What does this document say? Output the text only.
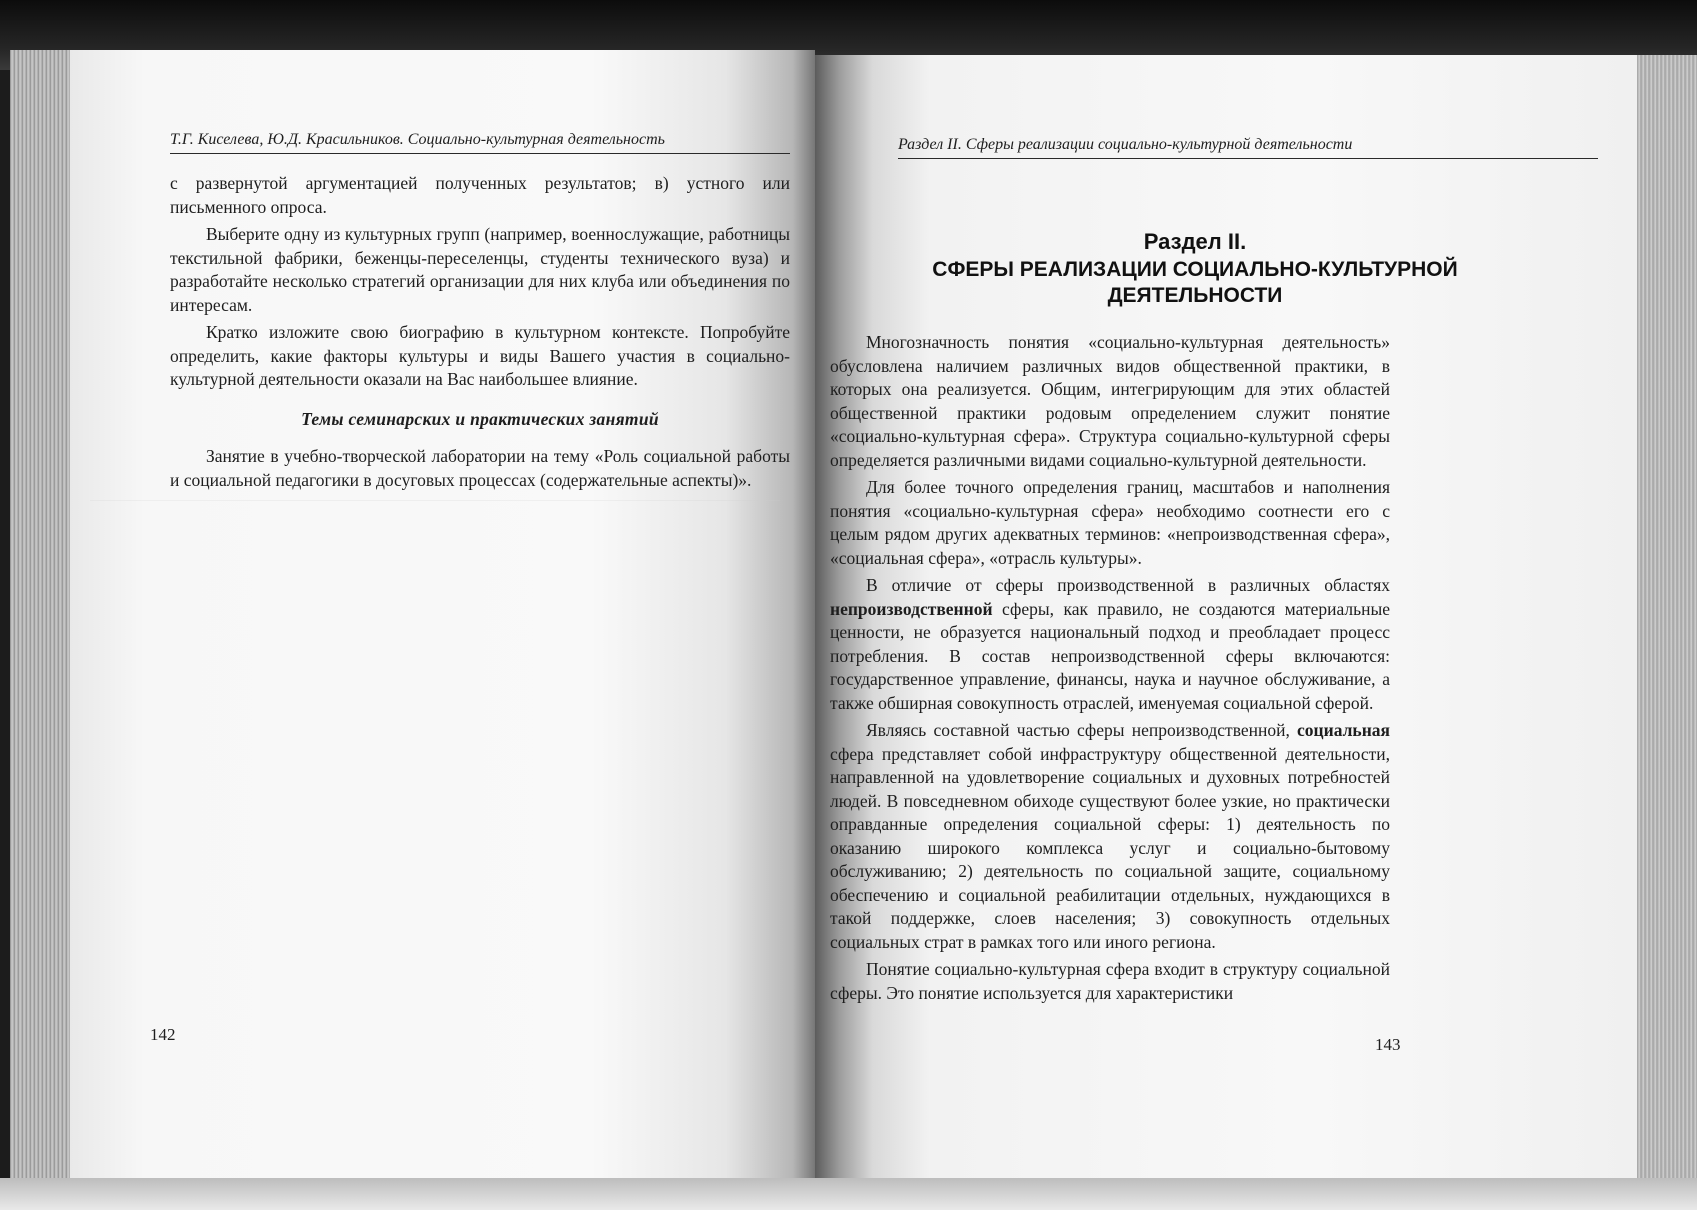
Т.Г. Киселева, Ю.Д. Красильников. Социально-культурная деятельность

с развернутой аргументацией полученных результатов; в) устного или письменного опроса.

Выберите одну из культурных групп (например, военнослужащие, работницы текстильной фабрики, беженцы-переселенцы, студенты технического вуза) и разработайте несколько стратегий организации для них клуба или объединения по интересам.

Кратко изложите свою биографию в культурном контексте. Попробуйте определить, какие факторы культуры и виды Вашего участия в социально-культурной деятельности оказали на Вас наибольшее влияние.

Темы семинарских и практических занятий

Занятие в учебно-творческой лаборатории на тему «Роль социальной работы и социальной педагогики в досуговых процессах (содержательные аспекты)».

142
Раздел II. Сферы реализации социально-культурной деятельности
Раздел II.
СФЕРЫ РЕАЛИЗАЦИИ СОЦИАЛЬНО-КУЛЬТУРНОЙ ДЕЯТЕЛЬНОСТИ

Многозначность понятия «социально-культурная деятельность» обусловлена наличием различных видов общественной практики, в которых она реализуется. Общим, интегрирующим для этих областей общественной практики родовым определением служит понятие «социально-культурная сфера». Структура социально-культурной сферы определяется различными видами социально-культурной деятельности.

Для более точного определения границ, масштабов и наполнения понятия «социально-культурная сфера» необходимо соотнести его с целым рядом других адекватных терминов: «непроизводственная сфера», «социальная сфера», «отрасль культуры».

В отличие от сферы производственной в различных областях непроизводственной сферы, как правило, не создаются материальные ценности, не образуется национальный подход и преобладает процесс потребления. В состав непроизводственной сферы включаются: государственное управление, финансы, наука и научное обслуживание, а также обширная совокупность отраслей, именуемая социальной сферой.

Являясь составной частью сферы непроизводственной, социальная сфера представляет собой инфраструктуру общественной деятельности, направленной на удовлетворение социальных и духовных потребностей людей. В повседневном обиходе существуют более узкие, но практически оправданные определения социальной сферы: 1) деятельность по оказанию широкого комплекса услуг и социально-бытовому обслуживанию; 2) деятельность по социальной защите, социальному обеспечению и социальной реабилитации отдельных, нуждающихся в такой поддержке, слоев населения; 3) совокупность отдельных социальных страт в рамках того или иного региона.

Понятие социально-культурная сфера входит в структуру социальной сферы. Это понятие используется для характеристики

143
